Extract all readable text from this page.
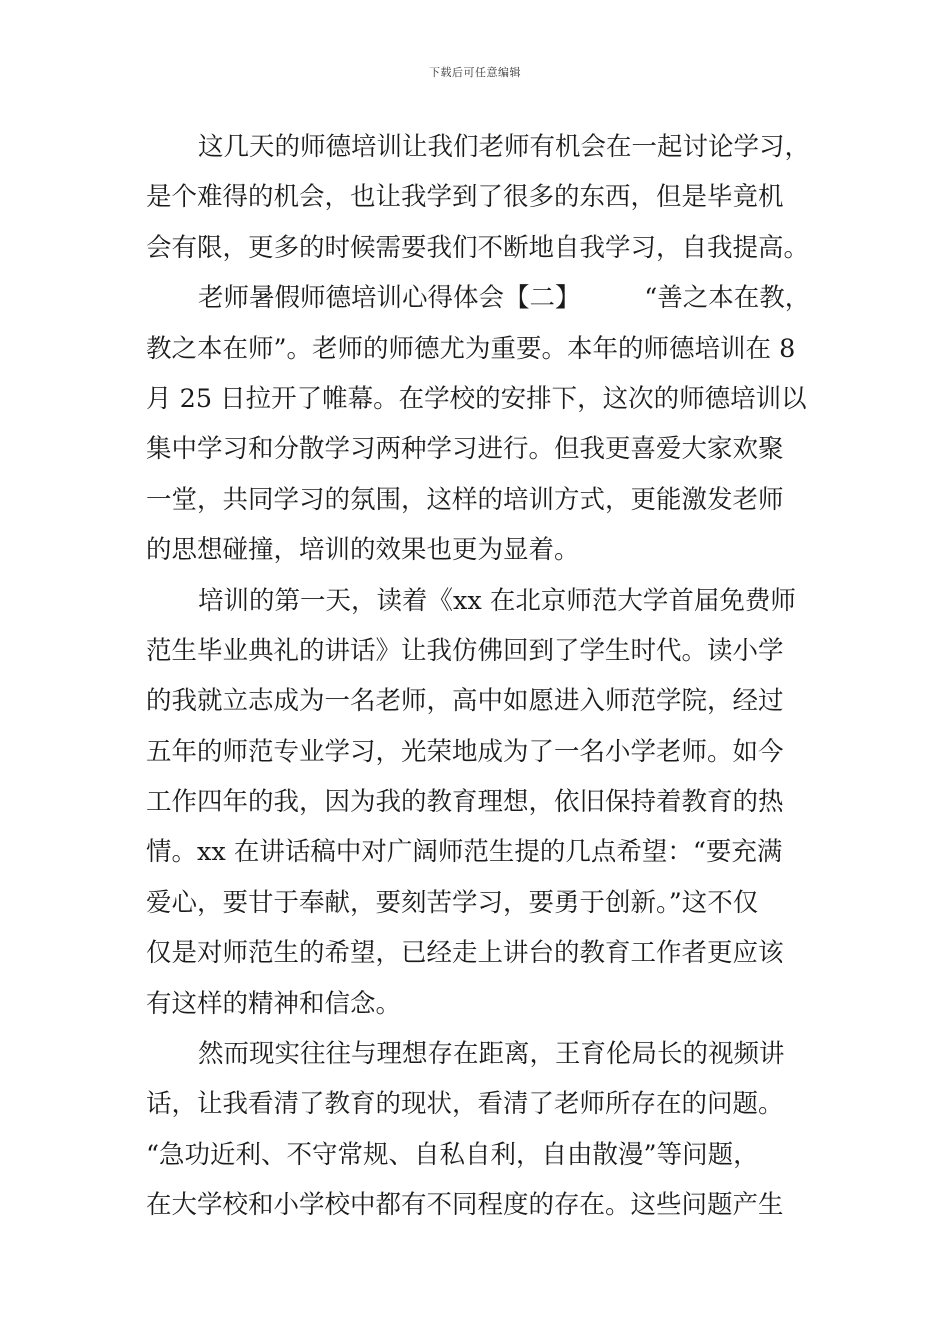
下载后可任意编辑
这几天的师德培训让我们老师有机会在一起讨论学习，
是个难得的机会，也让我学到了很多的东西，但是毕竟机
会有限，更多的时候需要我们不断地自我学习，自我提高。
老师暑假师德培训心得体会【二】　　　“善之本在教，
教之本在师”。老师的师德尤为重要。本年的师德培训在 8
月 25 日拉开了帷幕。在学校的安排下，这次的师德培训以
集中学习和分散学习两种学习进行。但我更喜爱大家欢聚
一堂，共同学习的氛围，这样的培训方式，更能激发老师
的思想碰撞，培训的效果也更为显着。
培训的第一天，读着《xx 在北京师范大学首届免费师
范生毕业典礼的讲话》让我仿佛回到了学生时代。读小学
的我就立志成为一名老师，高中如愿进入师范学院，经过
五年的师范专业学习，光荣地成为了一名小学老师。如今
工作四年的我，因为我的教育理想，依旧保持着教育的热
情。xx 在讲话稿中对广阔师范生提的几点希望：“要充满
爱心，要甘于奉献，要刻苦学习，要勇于创新。”这不仅
仅是对师范生的希望，已经走上讲台的教育工作者更应该
有这样的精神和信念。
然而现实往往与理想存在距离，王育伦局长的视频讲
话，让我看清了教育的现状，看清了老师所存在的问题。
“急功近利、不守常规、自私自利，自由散漫”等问题，
在大学校和小学校中都有不同程度的存在。这些问题产生
